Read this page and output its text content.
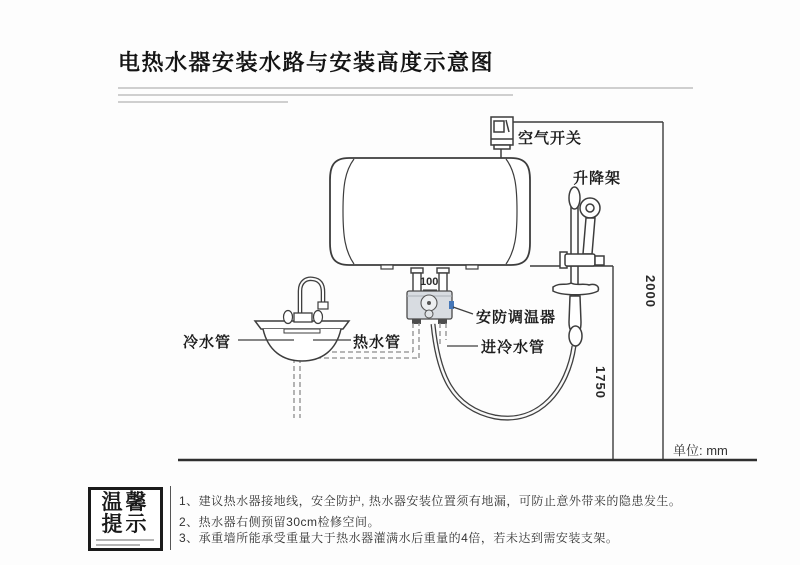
电热水器安装水路与安装高度示意图
空气开关
升降架
冷水管	热水管
安防调温器
进冷水管
100	2000
1750
单位: mm
温馨
提示
1、建议热水器接地线，安全防护, 热水器安装位置须有地漏，可防止意外带来的隐患发生。
2、热水器右侧预留30cm检修空间。
3、承重墙所能承受重量大于热水器灌满水后重量的4倍，若未达到需安装支架。
